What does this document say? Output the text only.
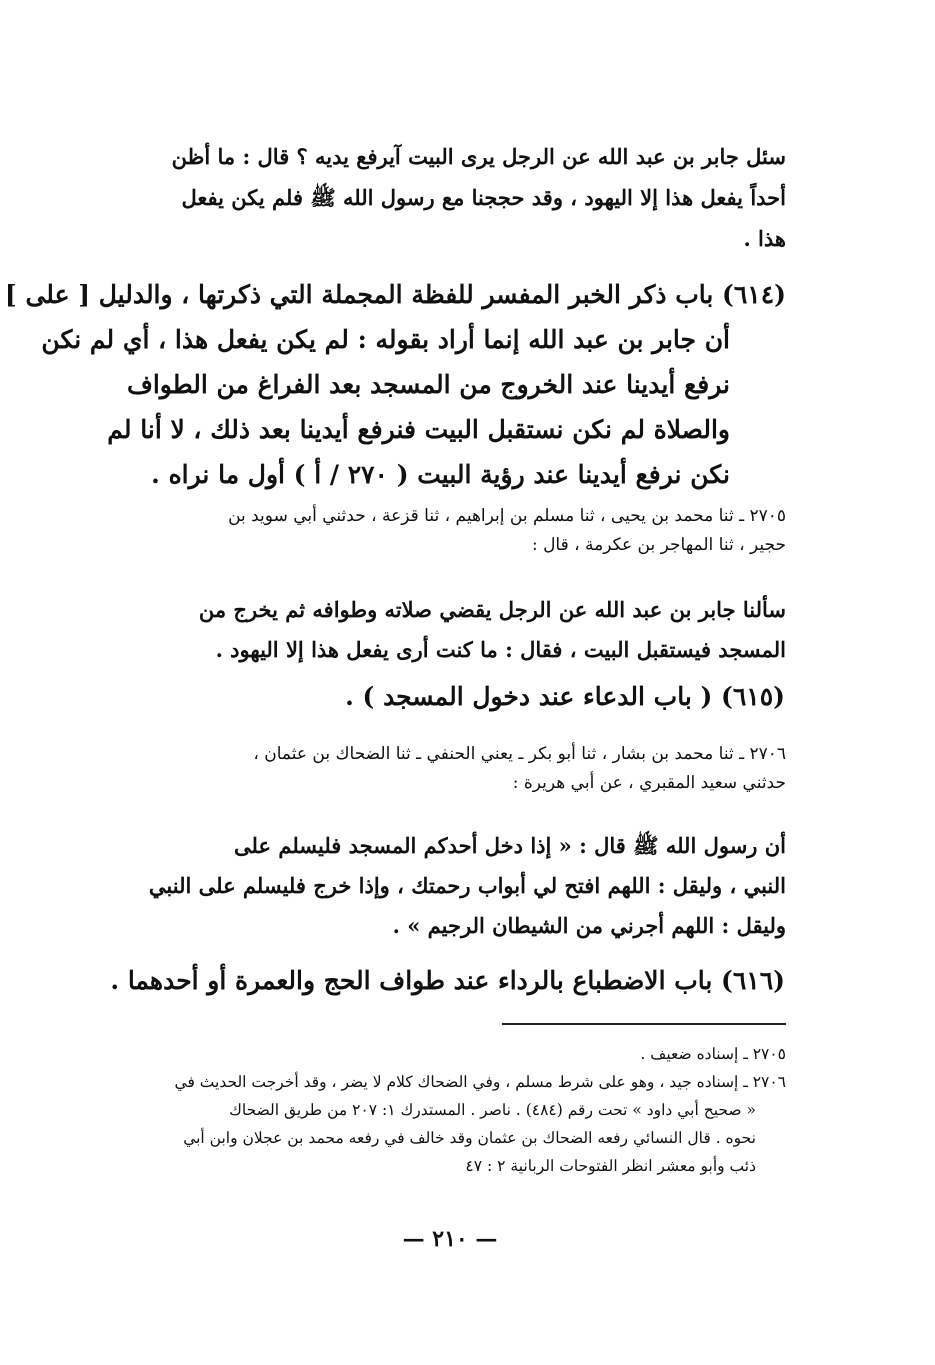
سئل جابر بن عبد الله عن الرجل يرى البيت آيرفع يديه ؟ قال : ما أظن
أحداً يفعل هذا إلا اليهود ، وقد حججنا مع رسول الله ﷺ فلم يكن يفعل
هذا .
(٦١٤) باب ذكر الخبر المفسر للفظة المجملة التي ذكرتها ، والدليل [ على ]
أن جابر بن عبد الله إنما أراد بقوله : لم يكن يفعل هذا ، أي لم نكن
نرفع أيدينا عند الخروج من المسجد بعد الفراغ من الطواف
والصلاة لم نكن نستقبل البيت فنرفع أيدينا بعد ذلك ، لا أنا لم
نكن نرفع أيدينا عند رؤية البيت ( ٢٧٠ / أ ) أول ما نراه .
٢٧٠٥ ـ ثنا محمد بن يحيى ، ثنا مسلم بن إبراهيم ، ثنا قزعة ، حدثني أبي سويد بن
حجير ، ثنا المهاجر بن عكرمة ، قال :
سألنا جابر بن عبد الله عن الرجل يقضي صلاته وطوافه ثم يخرج من
المسجد فيستقبل البيت ، فقال : ما كنت أرى يفعل هذا إلا اليهود .
(٦١٥) ( باب الدعاء عند دخول المسجد ) .
٢٧٠٦ ـ ثنا محمد بن بشار ، ثنا أبو بكر ـ يعني الحنفي ـ ثنا الضحاك بن عثمان ،
حدثني سعيد المقبري ، عن أبي هريرة :
أن رسول الله ﷺ قال : « إذا دخل أحدكم المسجد فليسلم على
النبي ، وليقل : اللهم افتح لي أبواب رحمتك ، وإذا خرج فليسلم على النبي
وليقل : اللهم أجرني من الشيطان الرجيم » .
(٦١٦) باب الاضطباع بالرداء عند طواف الحج والعمرة أو أحدهما .
٢٧٠٥ ـ إسناده ضعيف .
٢٧٠٦ ـ إسناده جيد ، وهو على شرط مسلم ، وفي الضحاك كلام لا يضر ، وقد أخرجت الحديث في
« صحيح أبي داود » تحت رقم (٤٨٤) . ناصر . المستدرك ١: ٢٠٧ من طريق الضحاك
نحوه . قال النسائي رفعه الضحاك بن عثمان وقد خالف في رفعه محمد بن عجلان وابن أبي
ذئب وأبو معشر انظر الفتوحات الربانية ٢ : ٤٧
— ٢١٠ —
